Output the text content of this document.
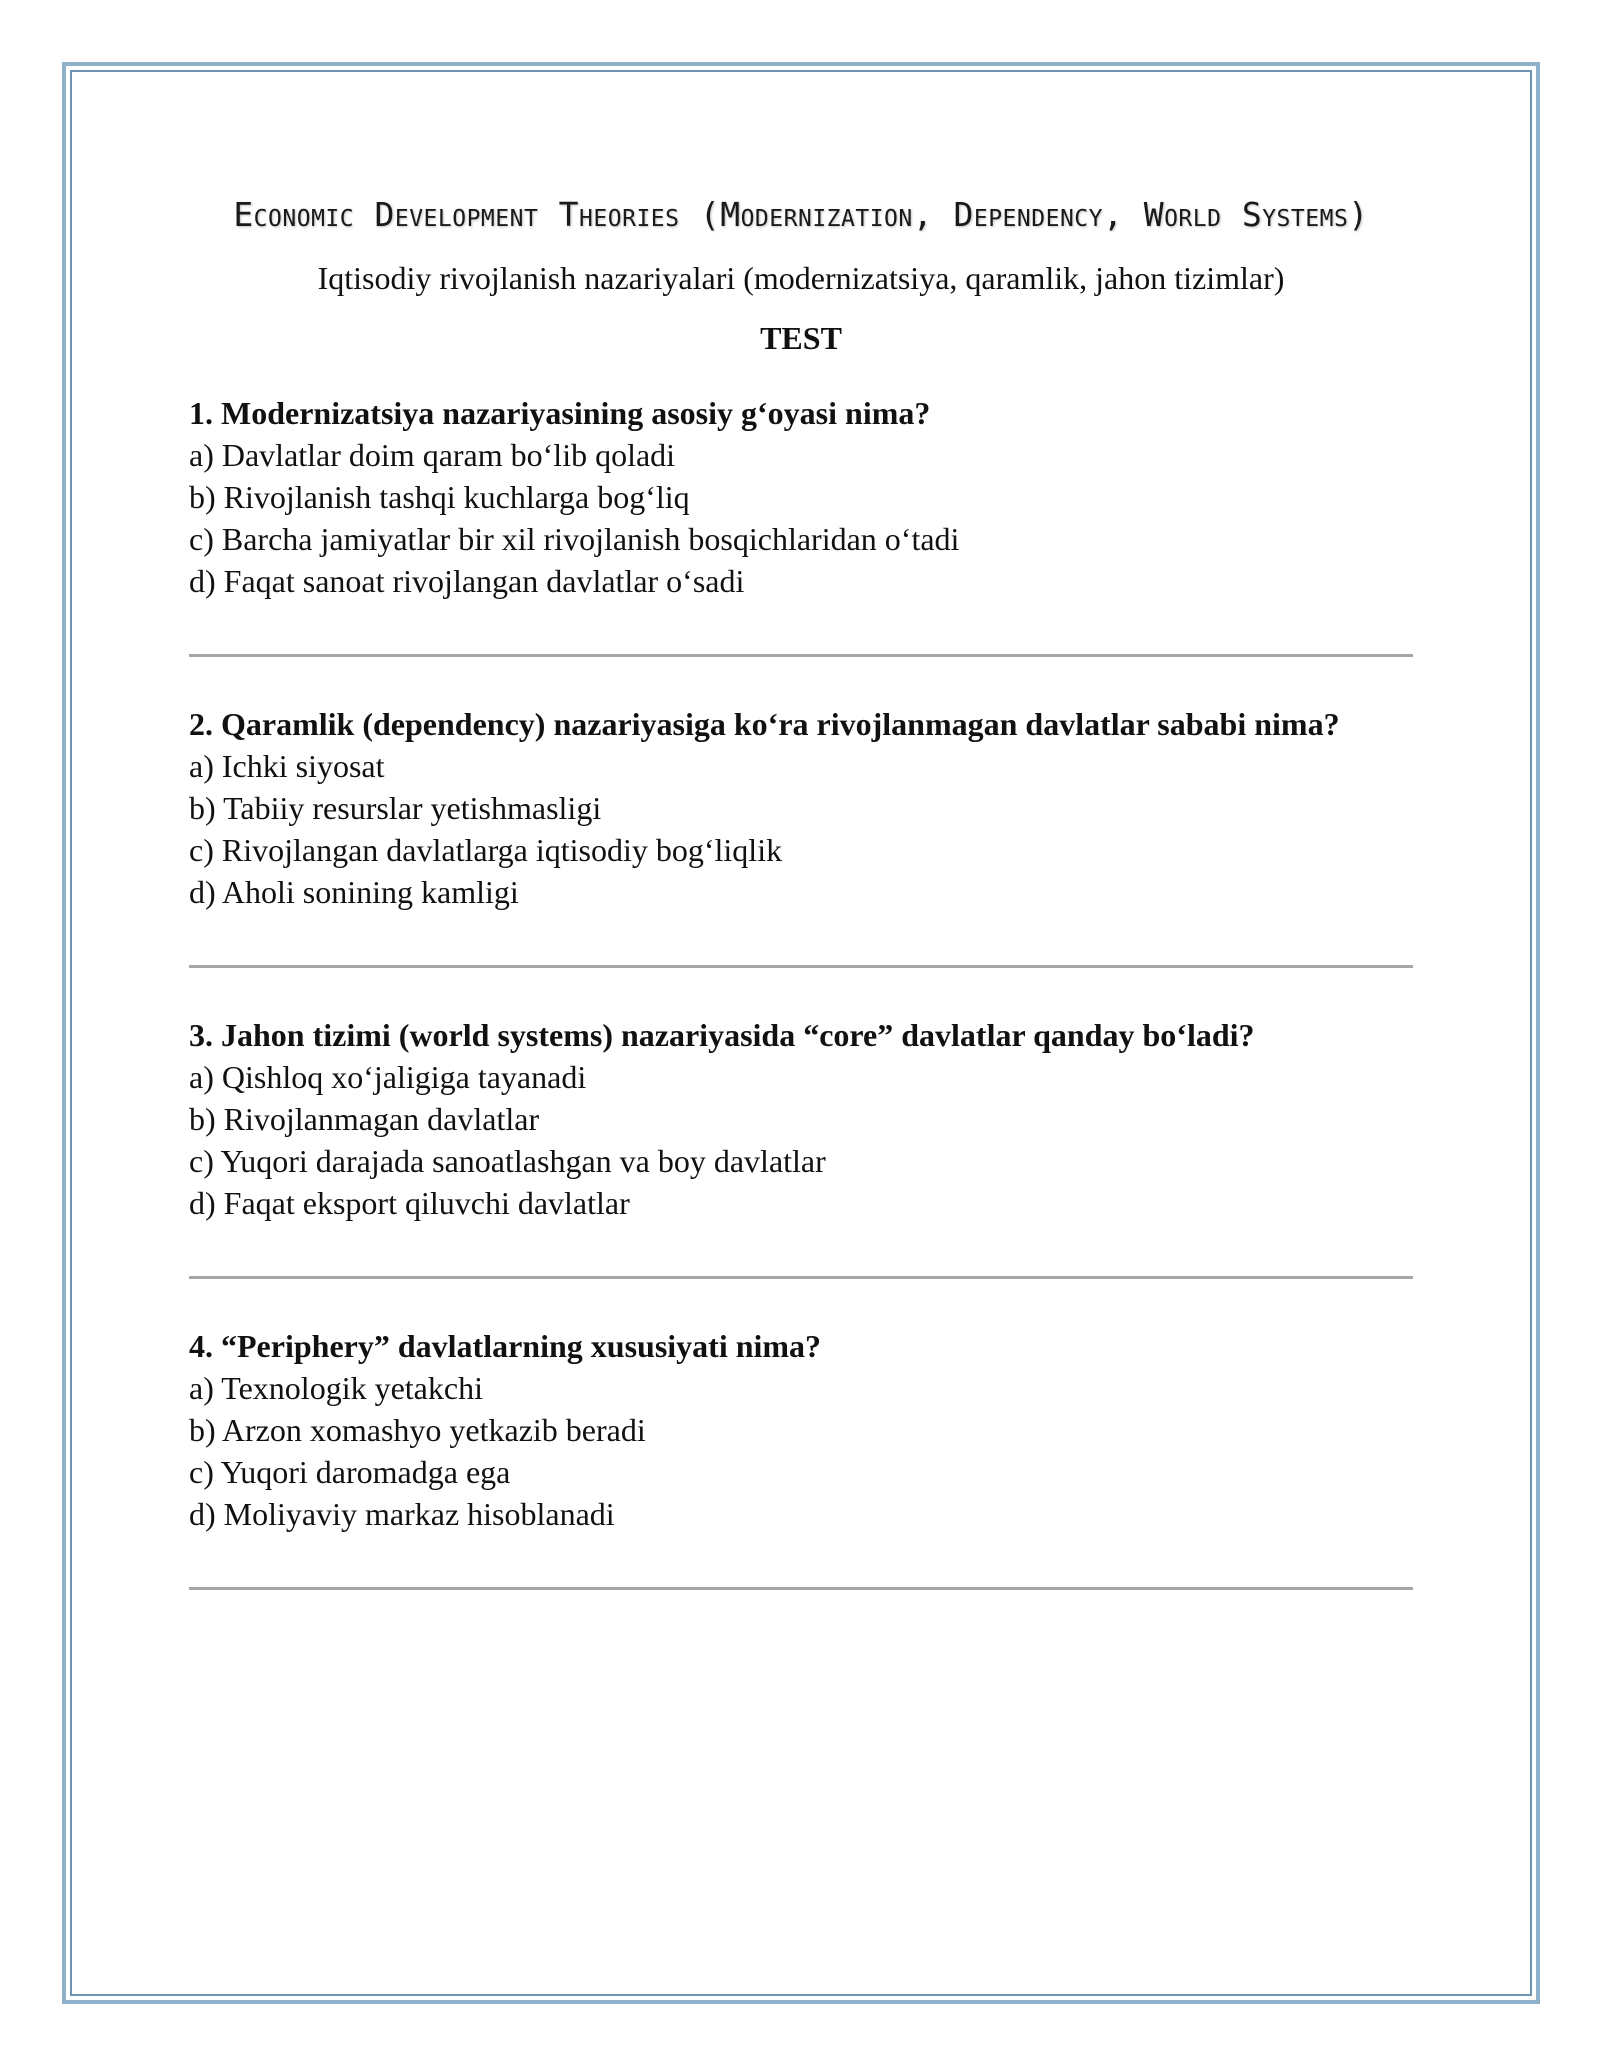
Economic Development Theories (Modernization, Dependency, World Systems)
Iqtisodiy rivojlanish nazariyalari (modernizatsiya, qaramlik, jahon tizimlar)
TEST
1. Modernizatsiya nazariyasining asosiy g‘oyasi nima?
a) Davlatlar doim qaram bo‘lib qoladi
b) Rivojlanish tashqi kuchlarga bog‘liq
c) Barcha jamiyatlar bir xil rivojlanish bosqichlaridan o‘tadi
d) Faqat sanoat rivojlangan davlatlar o‘sadi
2. Qaramlik (dependency) nazariyasiga ko‘ra rivojlanmagan davlatlar sababi nima?
a) Ichki siyosat
b) Tabiiy resurslar yetishmasligi
c) Rivojlangan davlatlarga iqtisodiy bog‘liqlik
d) Aholi sonining kamligi
3. Jahon tizimi (world systems) nazariyasida “core” davlatlar qanday bo‘ladi?
a) Qishloq xo‘jaligiga tayanadi
b) Rivojlanmagan davlatlar
c) Yuqori darajada sanoatlashgan va boy davlatlar
d) Faqat eksport qiluvchi davlatlar
4. “Periphery” davlatlarning xususiyati nima?
a) Texnologik yetakchi
b) Arzon xomashyo yetkazib beradi
c) Yuqori daromadga ega
d) Moliyaviy markaz hisoblanadi
